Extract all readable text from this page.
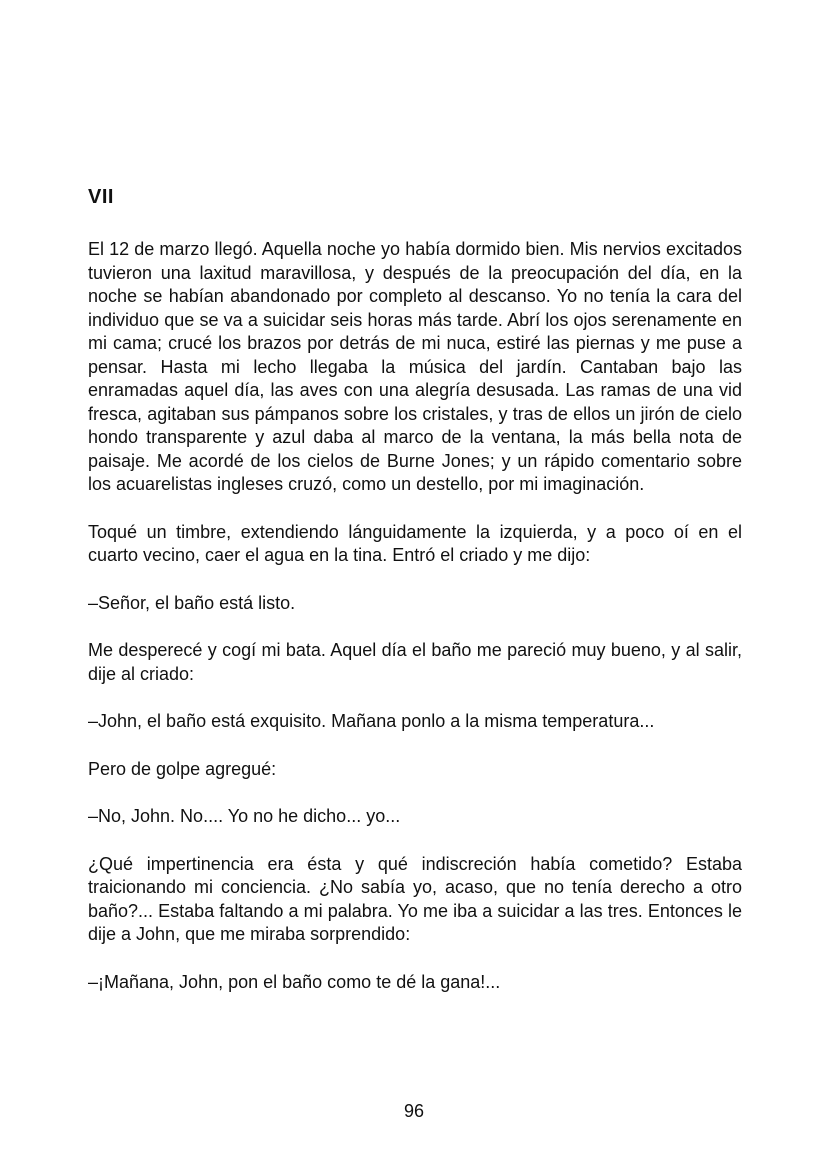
VII

El 12 de marzo llegó. Aquella noche yo había dormido bien. Mis nervios excitados tuvieron una laxitud maravillosa, y después de la preocupación del día, en la noche se habían abandonado por completo al descanso. Yo no tenía la cara del individuo que se va a suicidar seis horas más tarde. Abrí los ojos serenamente en mi cama; crucé los brazos por detrás de mi nuca, estiré las piernas y me puse a pensar. Hasta mi lecho llegaba la música del jardín. Cantaban bajo las enramadas aquel día, las aves con una alegría desusada. Las ramas de una vid fresca, agitaban sus pámpanos sobre los cristales, y tras de ellos un jirón de cielo hondo transparente y azul daba al marco de la ventana, la más bella nota de paisaje. Me acordé de los cielos de Burne Jones; y un rápido comentario sobre los acuarelistas ingleses cruzó, como un destello, por mi imaginación.

Toqué un timbre, extendiendo lánguidamente la izquierda, y a poco oí en el cuarto vecino, caer el agua en la tina. Entró el criado y me dijo:

–Señor, el baño está listo.

Me desperecé y cogí mi bata. Aquel día el baño me pareció muy bueno, y al salir, dije al criado:

–John, el baño está exquisito. Mañana ponlo a la misma temperatura...

Pero de golpe agregué:

–No, John. No.... Yo no he dicho... yo...

¿Qué impertinencia era ésta y qué indiscreción había cometido? Estaba traicionando mi conciencia. ¿No sabía yo, acaso, que no tenía derecho a otro baño?... Estaba faltando a mi palabra. Yo me iba a suicidar a las tres. Entonces le dije a John, que me miraba sorprendido:

–¡Mañana, John, pon el baño como te dé la gana!...

96
